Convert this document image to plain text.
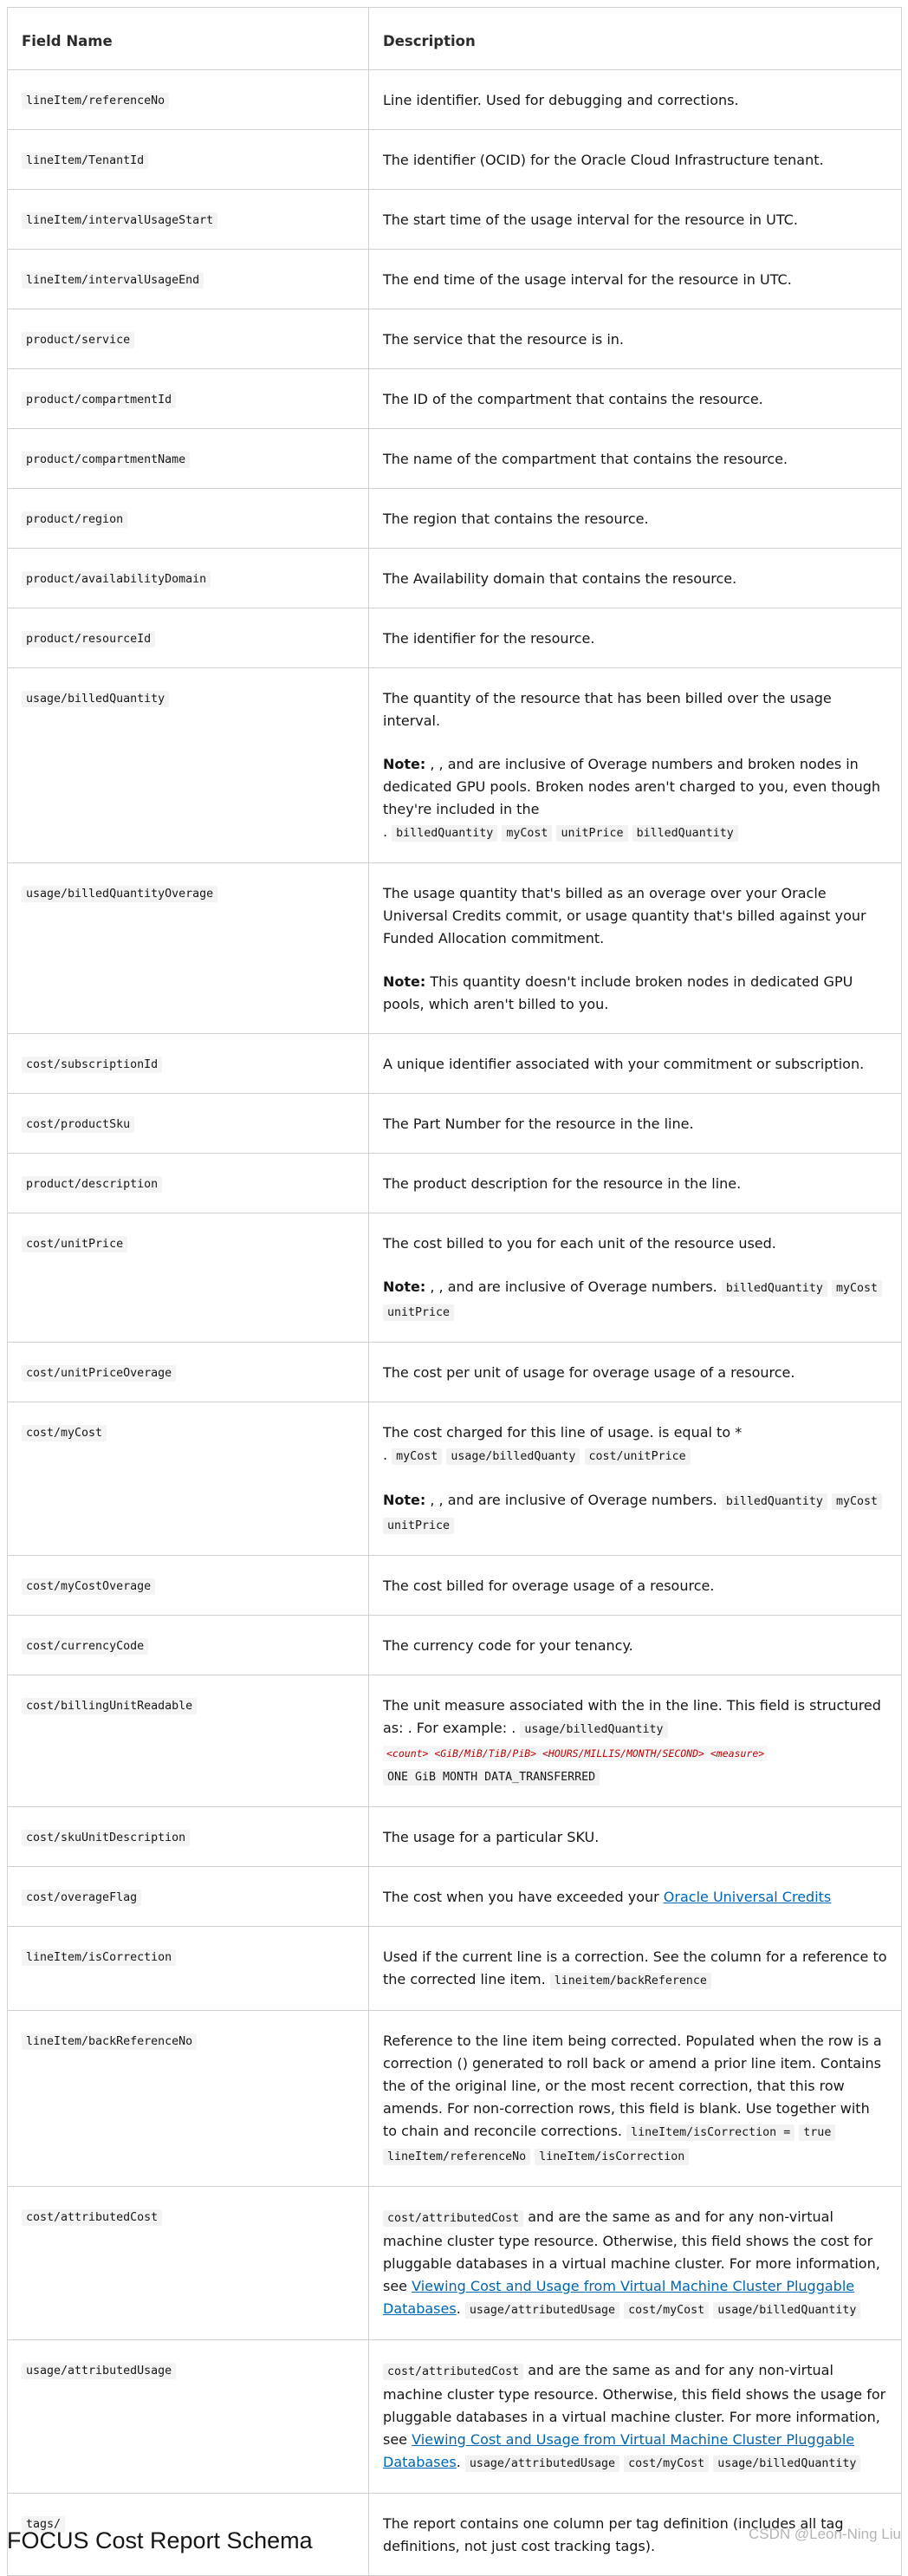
Field Name	Description
lineItem/referenceNo	Line identifier. Used for debugging and corrections.

lineItem/TenantId	The identifier (OCID) for the Oracle Cloud Infrastructure tenant.

lineItem/intervalUsageStart	The start time of the usage interval for the resource in UTC.

lineItem/intervalUsageEnd	The end time of the usage interval for the resource in UTC.

product/service	The service that the resource is in.

product/compartmentId	The ID of the compartment that contains the resource.

product/compartmentName	The name of the compartment that contains the resource.

product/region	The region that contains the resource.

product/availabilityDomain	The Availability domain that contains the resource.

product/resourceId	The identifier for the resource.

usage/billedQuantity	The quantity of the resource that has been billed over the usage interval.
Note: , , and are inclusive of Overage numbers and broken nodes in dedicated GPU pools. Broken nodes aren't charged to you, even though they're included in the
. billedQuantity myCost unitPrice billedQuantity

usage/billedQuantityOverage	The usage quantity that's billed as an overage over your Oracle Universal Credits commit, or usage quantity that's billed against your Funded Allocation commitment.
Note: This quantity doesn't include broken nodes in dedicated GPU pools, which aren't billed to you.

cost/subscriptionId	A unique identifier associated with your commitment or subscription.

cost/productSku	The Part Number for the resource in the line.

product/description	The product description for the resource in the line.

cost/unitPrice	The cost billed to you for each unit of the resource used.
Note: , , and are inclusive of Overage numbers. billedQuantity myCost unitPrice

cost/unitPriceOverage	The cost per unit of usage for overage usage of a resource.

cost/myCost	The cost charged for this line of usage. is equal to *
. myCost usage/billedQuanty cost/unitPrice
Note: , , and are inclusive of Overage numbers. billedQuantity myCost unitPrice

cost/myCostOverage	The cost billed for overage usage of a resource.

cost/currencyCode	The currency code for your tenancy.

cost/billingUnitReadable	The unit measure associated with the in the line. This field is structured as: . For example: . usage/billedQuantity <count> <GiB/MiB/TiB/PiB> <HOURS/MILLIS/MONTH/SECOND> <measure> ONE GiB MONTH DATA_TRANSFERRED

cost/skuUnitDescription	The usage for a particular SKU.

cost/overageFlag	The cost when you have exceeded your Oracle Universal Credits

lineItem/isCorrection	Used if the current line is a correction. See the column for a reference to the corrected line item. lineitem/backReference

lineItem/backReferenceNo	Reference to the line item being corrected. Populated when the row is a correction () generated to roll back or amend a prior line item. Contains the of the original line, or the most recent correction, that this row amends. For non-correction rows, this field is blank. Use together with to chain and reconcile corrections. lineItem/isCorrection = true lineItem/referenceNo lineItem/isCorrection

cost/attributedCost	cost/attributedCost and are the same as and for any non-virtual machine cluster type resource. Otherwise, this field shows the cost for pluggable databases in a virtual machine cluster. For more information, see Viewing Cost and Usage from Virtual Machine Cluster Pluggable Databases. usage/attributedUsage cost/myCost usage/billedQuantity

usage/attributedUsage	cost/attributedCost and are the same as and for any non-virtual machine cluster type resource. Otherwise, this field shows the usage for pluggable databases in a virtual machine cluster. For more information, see Viewing Cost and Usage from Virtual Machine Cluster Pluggable Databases. usage/attributedUsage cost/myCost usage/billedQuantity

tags/	The report contains one column per tag definition (includes all tag definitions, not just cost tracking tags).
FOCUS Cost Report Schema	CSDN @Leon-Ning Liu
